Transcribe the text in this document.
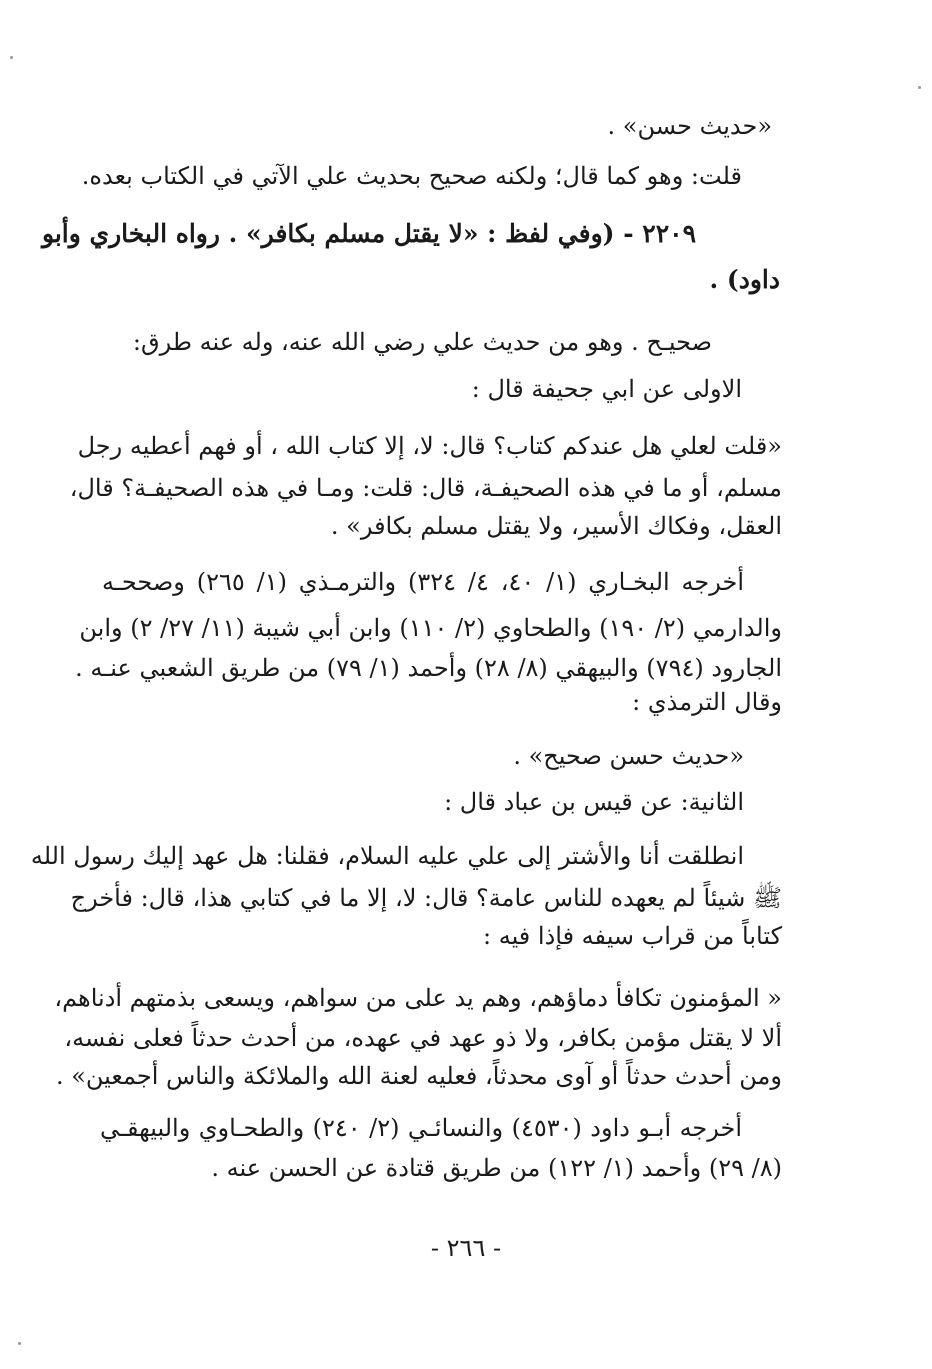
«حديث حسن» .
قلت: وهو كما قال؛ ولكنه صحيح بحديث علي الآتي في الكتاب بعده.
٢٢٠٩ - (وفي لفظ : «لا يقتل مسلم بكافر» . رواه البخاري وأبو
داود) .
صحيـح . وهو من حديث علي رضي الله عنه، وله عنه طرق:
الاولى عن ابي جحيفة قال :
«قلت لعلي هل عندكم كتاب؟ قال: لا، إلا كتاب الله ، أو فهم أعطيه رجل
مسلم، أو ما في هذه الصحيفـة، قال: قلت: ومـا في هذه الصحيفـة؟ قال،
العقل، وفكاك الأسير، ولا يقتل مسلم بكافر» .
أخرجه البخـاري (١/ ٤٠، ٤/ ٣٢٤) والترمـذي (١/ ٢٦٥) وصححـه
والدارمي (٢/ ١٩٠) والطحاوي (٢/ ١١٠) وابن أبي شيبة (١١/ ٢٧/ ٢) وابن
الجارود (٧٩٤) والبيهقي (٨/ ٢٨) وأحمد (١/ ٧٩) من طريق الشعبي عنـه .
وقال الترمذي :
«حديث حسن صحيح» .
الثانية: عن قيس بن عباد قال :
انطلقت أنا والأشتر إلى علي عليه السلام، فقلنا: هل عهد إليك رسول الله
ﷺ شيئاً لم يعهده للناس عامة؟ قال: لا، إلا ما في كتابي هذا، قال: فأخرج
كتاباً من قراب سيفه فإذا فيه :
« المؤمنون تكافأ دماؤهم، وهم يد على من سواهم، ويسعى بذمتهم أدناهم،
ألا لا يقتل مؤمن بكافر، ولا ذو عهد في عهده، من أحدث حدثاً فعلى نفسه،
ومن أحدث حدثاً أو آوى محدثاً، فعليه لعنة الله والملائكة والناس أجمعين» .
أخرجه أبـو داود (٤٥٣٠) والنسائـي (٢/ ٢٤٠) والطحـاوي والبيهقـي
(٨/ ٢٩) وأحمد (١/ ١٢٢) من طريق قتادة عن الحسن عنه .
- ٢٦٦ -
